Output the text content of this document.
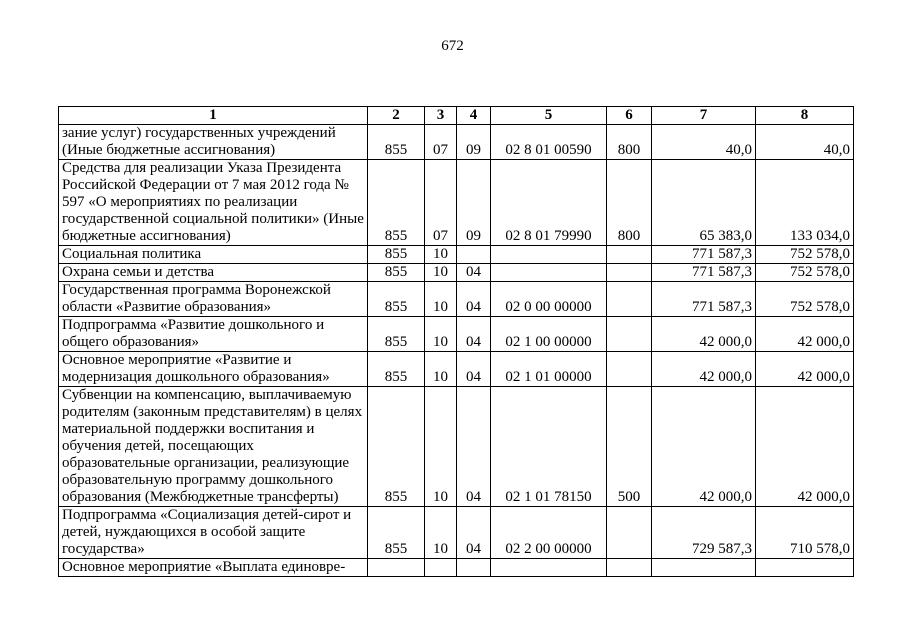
672
1	2	3	4	5	6	7	8
зание услуг) государственных учреждений (Иные бюджетные ассигнования)	855	07	09	02 8 01 00590	800	40,0	40,0
Средства для реализации Указа Президента Российской Федерации от 7 мая 2012 года № 597 «О мероприятиях по реализации государственной социальной политики» (Иные бюджетные ассигнования)	855	07	09	02 8 01 79990	800	65 383,0	133 034,0
Социальная политика	855	10				771 587,3	752 578,0
Охрана семьи и детства	855	10	04			771 587,3	752 578,0
Государственная программа Воронежской области «Развитие образования»	855	10	04	02 0 00 00000		771 587,3	752 578,0
Подпрограмма «Развитие дошкольного и общего образования»	855	10	04	02 1 00 00000		42 000,0	42 000,0
Основное мероприятие «Развитие и модернизация дошкольного образования»	855	10	04	02 1 01 00000		42 000,0	42 000,0
Субвенции на компенсацию, выплачиваемую родителям (законным представителям) в целях материальной поддержки воспитания и обучения детей, посещающих образовательные организации, реализующие образовательную программу дошкольного образования (Межбюджетные трансферты)	855	10	04	02 1 01 78150	500	42 000,0	42 000,0
Подпрограмма «Социализация детей-сирот и детей, нуждающихся в особой защите государства»	855	10	04	02 2 00 00000		729 587,3	710 578,0
Основное мероприятие «Выплата единовре-							
